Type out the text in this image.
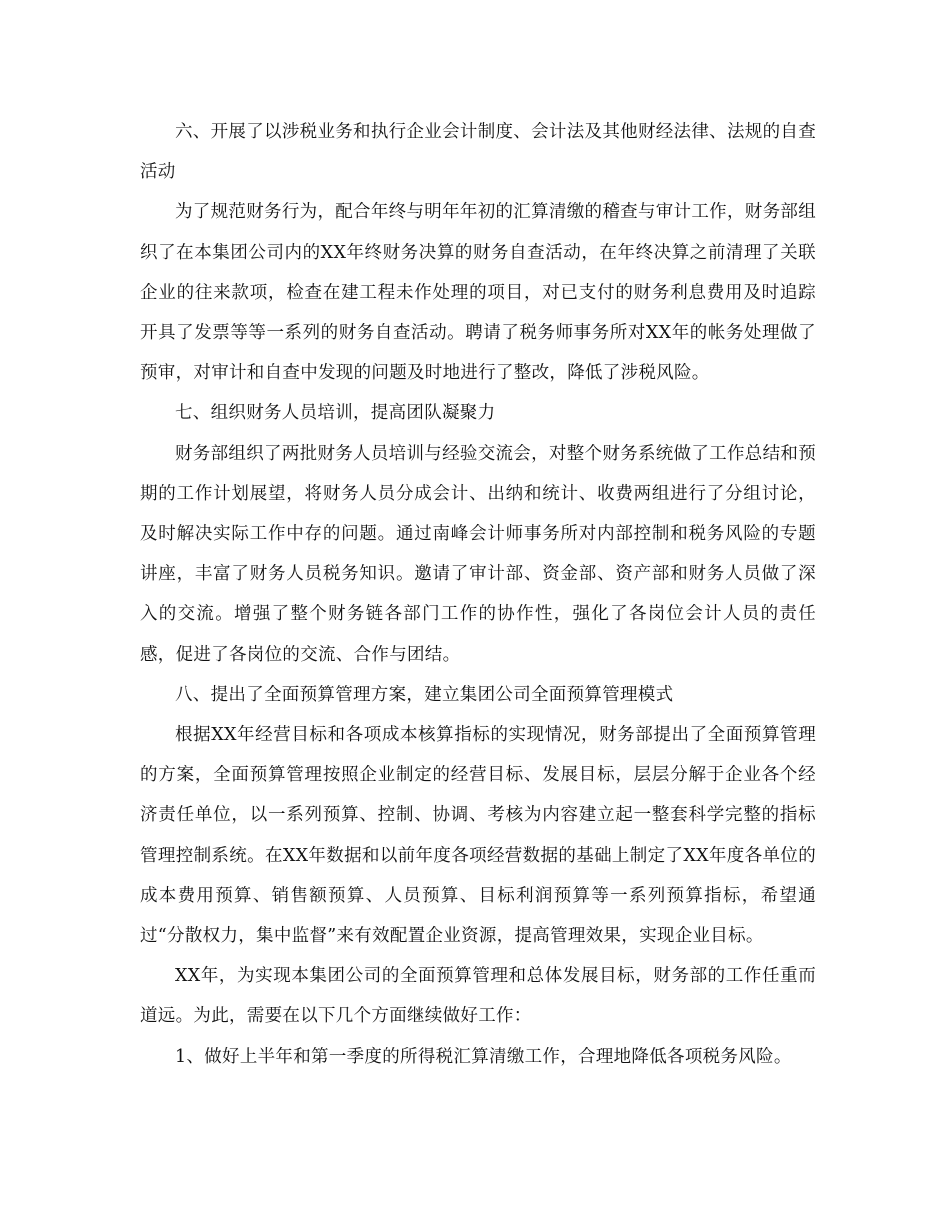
六、开展了以涉税业务和执行企业会计制度、会计法及其他财经法律、法规的自查活动

为了规范财务行为，配合年终与明年年初的汇算清缴的稽查与审计工作，财务部组织了在本集团公司内的XX年终财务决算的财务自查活动，在年终决算之前清理了关联企业的往来款项，检查在建工程未作处理的项目，对已支付的财务利息费用及时追踪开具了发票等等一系列的财务自查活动。聘请了税务师事务所对XX年的帐务处理做了预审，对审计和自查中发现的问题及时地进行了整改，降低了涉税风险。

七、组织财务人员培训，提高团队凝聚力

财务部组织了两批财务人员培训与经验交流会，对整个财务系统做了工作总结和预期的工作计划展望，将财务人员分成会计、出纳和统计、收费两组进行了分组讨论，及时解决实际工作中存的问题。通过南峰会计师事务所对内部控制和税务风险的专题讲座，丰富了财务人员税务知识。邀请了审计部、资金部、资产部和财务人员做了深入的交流。增强了整个财务链各部门工作的协作性，强化了各岗位会计人员的责任感，促进了各岗位的交流、合作与团结。

八、提出了全面预算管理方案，建立集团公司全面预算管理模式

根据XX年经营目标和各项成本核算指标的实现情况，财务部提出了全面预算管理的方案，全面预算管理按照企业制定的经营目标、发展目标，层层分解于企业各个经济责任单位，以一系列预算、控制、协调、考核为内容建立起一整套科学完整的指标管理控制系统。在XX年数据和以前年度各项经营数据的基础上制定了XX年度各单位的成本费用预算、销售额预算、人员预算、目标利润预算等一系列预算指标，希望通过“分散权力，集中监督”来有效配置企业资源，提高管理效果，实现企业目标。

XX年，为实现本集团公司的全面预算管理和总体发展目标，财务部的工作任重而道远。为此，需要在以下几个方面继续做好工作：

1、做好上半年和第一季度的所得税汇算清缴工作，合理地降低各项税务风险。
